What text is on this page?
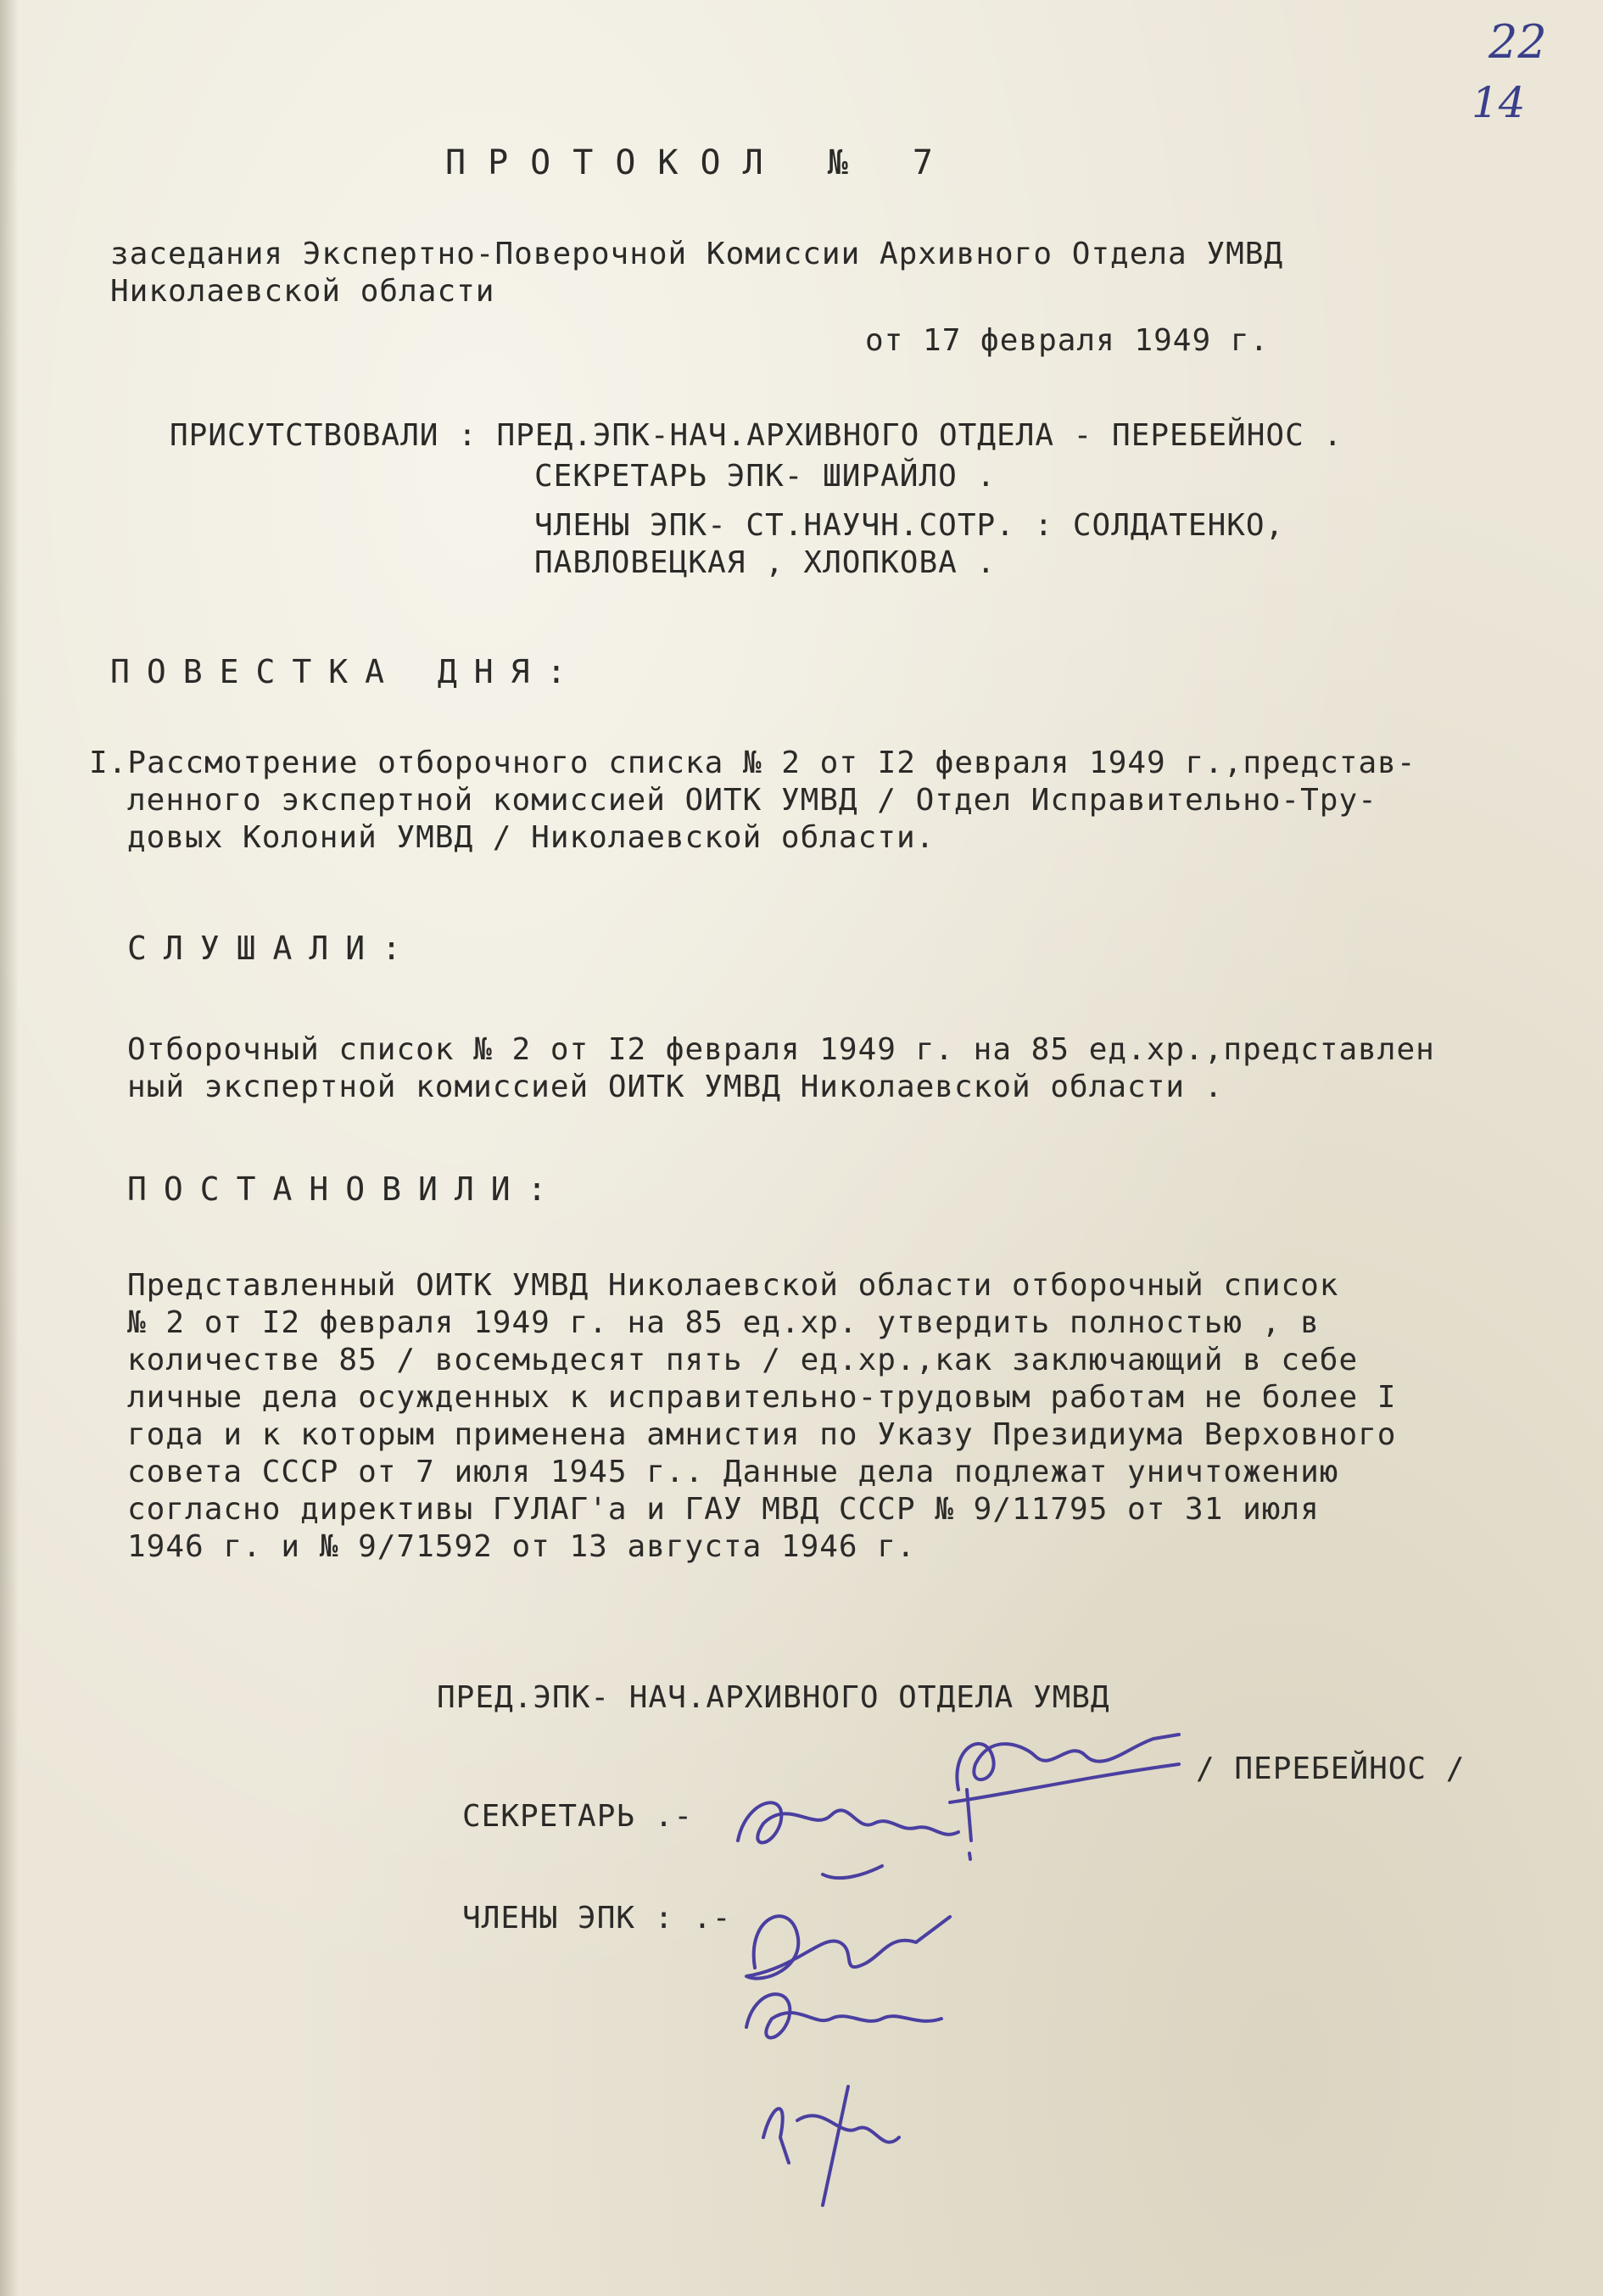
22
14
ПРОТОКОЛ № 7
заседания Экспертно-Поверочной Комиссии Архивного Отдела УМВД
Николаевской области
от 17 февраля 1949 г.
ПРИСУТСТВОВАЛИ : ПРЕД.ЭПК-НАЧ.АРХИВНОГО ОТДЕЛА - ПЕРЕБЕЙНОС .
СЕКРЕТАРЬ ЭПК- ШИРАЙЛО .
ЧЛЕНЫ ЭПК- СТ.НАУЧН.СОТР. : СОЛДАТЕНКО,
ПАВЛОВЕЦКАЯ , ХЛОПКОВА .
ПОВЕСТКА ДНЯ:
I.Рассмотрение отборочного списка № 2 от I2 февраля 1949 г.,представ-
ленного экспертной комиссией ОИТК УМВД / Отдел Исправительно-Тру-
довых Колоний УМВД / Николаевской области.
СЛУШАЛИ:
Отборочный список № 2 от I2 февраля 1949 г. на 85 ед.хр.,представлен
ный экспертной комиссией ОИТК УМВД Николаевской области .
ПОСТАНОВИЛИ:
Представленный ОИТК УМВД Николаевской области отборочный список
№ 2 от I2 февраля 1949 г. на 85 ед.хр. утвердить полностью , в
количестве 85 / восемьдесят пять / ед.хр.,как заключающий в себе
личные дела осужденных к исправительно-трудовым работам не более I
года и к которым применена амнистия по Указу Президиума Верховного
совета СССР от 7 июля 1945 г.. Данные дела подлежат уничтожению
согласно директивы ГУЛАГ'а и ГАУ МВД СССР № 9/11795 от 31 июля
1946 г. и № 9/71592 от 13 августа 1946 г.
ПРЕД.ЭПК- НАЧ.АРХИВНОГО ОТДЕЛА УМВД
/ ПЕРЕБЕЙНОС /
СЕКРЕТАРЬ .-
ЧЛЕНЫ ЭПК : .-
